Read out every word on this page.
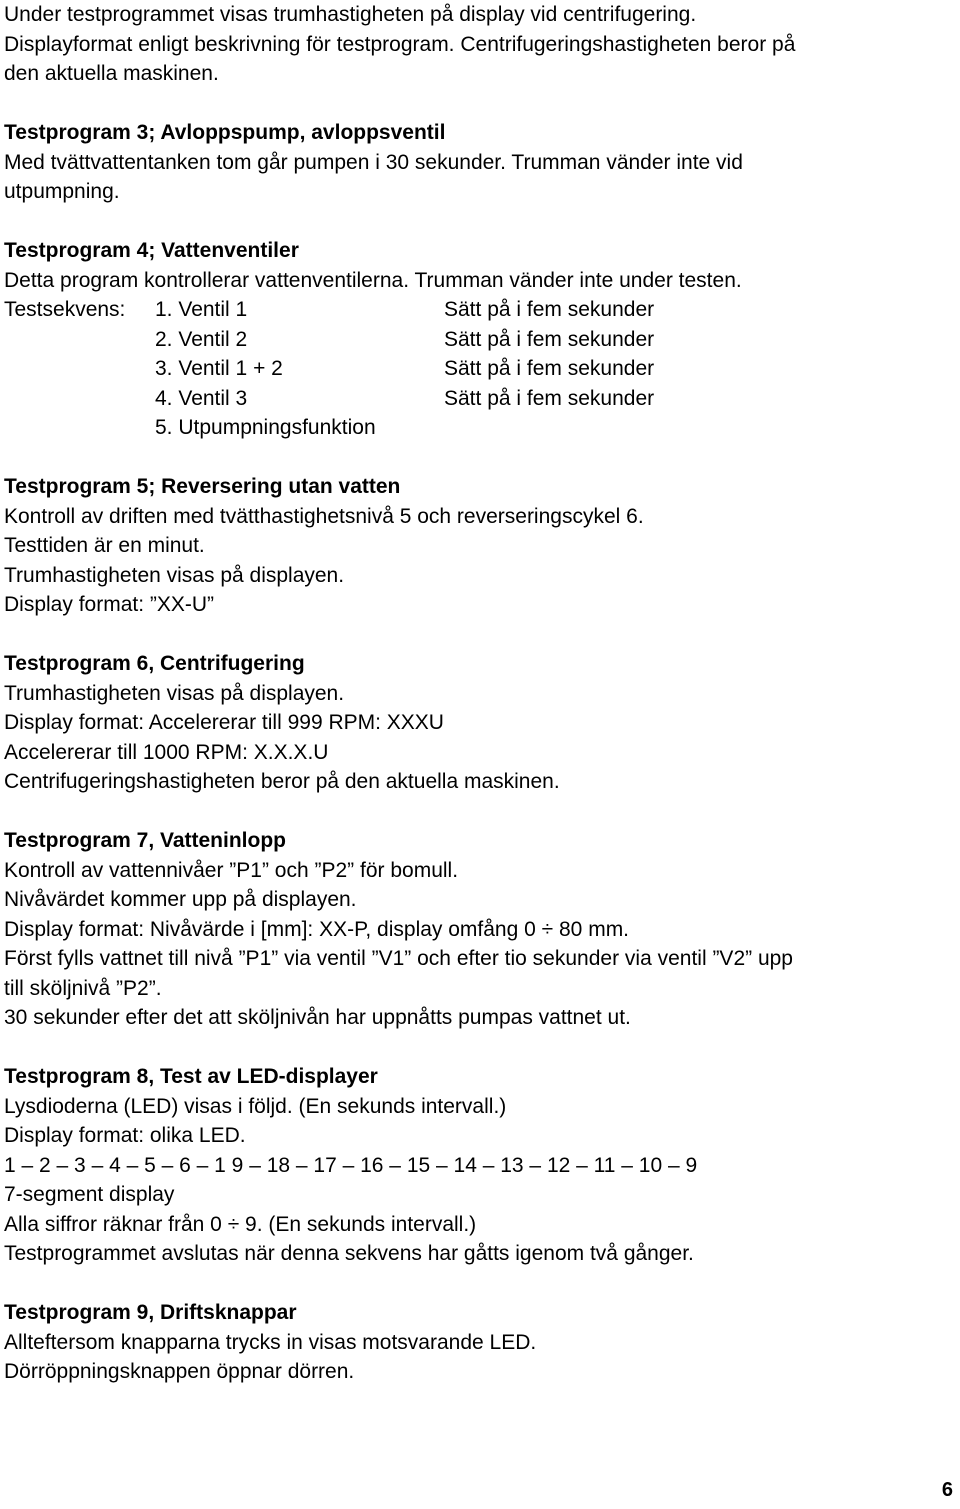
Under testprogrammet visas trumhastigheten på display vid centrifugering.

Displayformat enligt beskrivning för testprogram. Centrifugeringshastigheten beror på

den aktuella maskinen.

Testprogram 3; Avloppspump, avloppsventil

Med tvättvattentanken tom går pumpen i 30 sekunder. Trumman vänder inte vid

utpumpning.

Testprogram 4; Vattenventiler

Detta program kontrollerar vattenventilerna. Trumman vänder inte under testen.

Testsekvens:	1. Ventil 1	Sätt på i fem sekunder
2. Ventil 2	Sätt på i fem sekunder
3. Ventil 1 + 2	Sätt på i fem sekunder
4. Ventil 3	Sätt på i fem sekunder
5. Utpumpningsfunktion

Testprogram 5; Reversering utan vatten

Kontroll av driften med tvätthastighetsnivå 5 och reverseringscykel 6.

Testtiden är en minut.

Trumhastigheten visas på displayen.

Display format: ”XX-U”

Testprogram 6, Centrifugering

Trumhastigheten visas på displayen.

Display format: Accelererar till 999 RPM: XXXU

Accelererar till 1000 RPM: X.X.X.U

Centrifugeringshastigheten beror på den aktuella maskinen.

Testprogram 7, Vatteninlopp

Kontroll av vattennivåer ”P1” och ”P2” för bomull.

Nivåvärdet kommer upp på displayen.

Display format: Nivåvärde i [mm]: XX-P, display omfång 0 ÷ 80 mm.

Först fylls vattnet till nivå ”P1” via ventil ”V1” och efter tio sekunder via ventil ”V2” upp

till sköljnivå ”P2”.

30 sekunder efter det att sköljnivån har uppnåtts pumpas vattnet ut.

Testprogram 8, Test av LED-displayer

Lysdioderna (LED) visas i följd. (En sekunds intervall.)

Display format: olika LED.

1 – 2 – 3 – 4 – 5 – 6 – 1 9 – 18 – 17 – 16 – 15 – 14 – 13 – 12 – 11 – 10 – 9

7-segment display

Alla siffror räknar från 0 ÷ 9. (En sekunds intervall.)

Testprogrammet avslutas när denna sekvens har gåtts igenom två gånger.

Testprogram 9, Driftsknappar

Allteftersom knapparna trycks in visas motsvarande LED.

Dörröppningsknappen öppnar dörren.

6
